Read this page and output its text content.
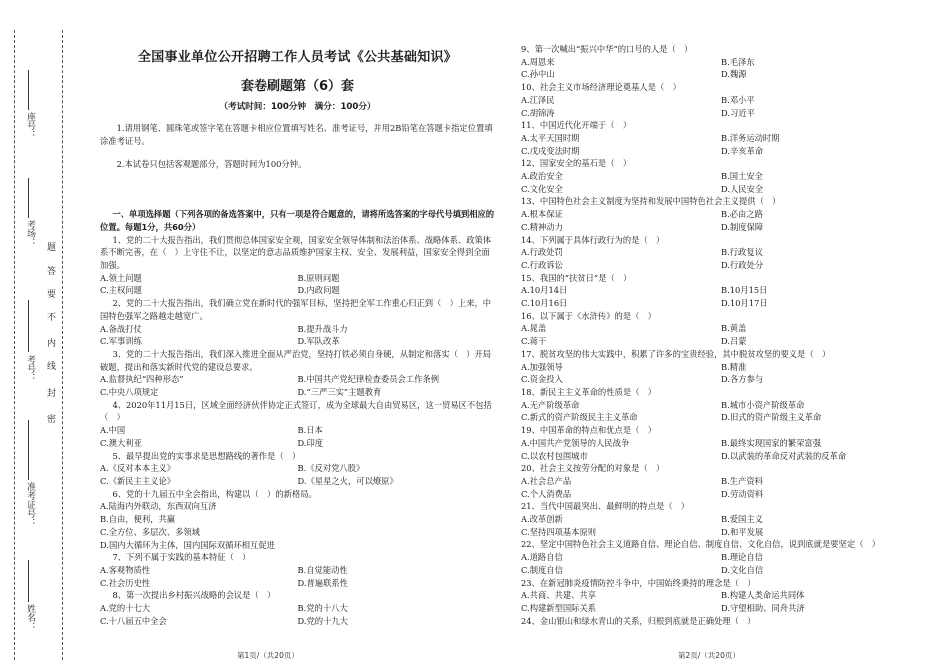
座号：
考场：
考号：
准考证号：
姓名：
密
封
线
内
不
要
答
题
全国事业单位公开招聘工作人员考试《公共基础知识》
套卷刷题第（6）套
（考试时间：100分钟　满分：100分）
1.请用钢笔、圆珠笔或签字笔在答题卡相应位置填写姓名、准考证号，并用2B铅笔在答题卡指定位置填涂准考证号。
2.本试卷只包括客观题部分，答题时间为100分钟。
一、单项选择题（下列各项的备选答案中，只有一项是符合题意的，请将所选答案的字母代号填到相应的位置。每题1分，共60分）
1、党的二十大报告指出，我们贯彻总体国家安全观，国家安全领导体制和法治体系、战略体系、政策体系不断完善，在（　）上守住不让，以坚定的意志品质维护国家主权、安全、发展利益，国家安全得到全面加强。
A.领土问题	B.原则问题
C.主权问题	D.内政问题
2、党的二十大报告指出，我们确立党在新时代的强军目标，坚持把全军工作重心归正到（　）上来，中国特色强军之路越走越宽广。
A.备战打仗	B.提升战斗力
C.军事训练	D.军队改革
3、党的二十大报告指出，我们深入推进全面从严治党，坚持打铁必须自身硬，从制定和落实（　）开局破题，提出和落实新时代党的建设总要求。
A.监督执纪“四种形态”	B.中国共产党纪律检查委员会工作条例
C.中央八项规定	D.“三严三实”主题教育
4、2020年11月15日，区域全面经济伙伴协定正式签订，成为全球最大自由贸易区，这一贸易区不包括（　）
A.中国	B.日本
C.澳大利亚	D.印度
5、最早提出党的实事求是思想路线的著作是（　）
A.《反对本本主义》	B.《反对党八股》
C.《新民主主义论》	D.《星星之火，可以燎原》
6、党的十九届五中全会指出，构建以（　）的新格局。
A.陆海内外联动，东西双向互济
B.自由，便利，共赢
C.全方位、多层次、多领域
D.国内大循环为主体，国内国际双循环相互促进
7、下列不属于实践的基本特征（　）
A.客观物质性	B.自觉能动性
C.社会历史性	D.普遍联系性
8、第一次提出乡村振兴战略的会议是（　）
A.党的十七大	B.党的十八大
C.十八届五中全会	D.党的十九大
9、第一次喊出“振兴中华”的口号的人是（　）
A.周恩来	B.毛泽东
C.孙中山	D.魏源
10、社会主义市场经济理论奠基人是（　）
A.江泽民	B.邓小平
C.胡锦涛	D.习近平
11、中国近代化开端于（　）
A.太平天国时期	B.洋务运动时期
C.戊戌变法时期	D.辛亥革命
12、国家安全的基石是（　）
A.政治安全	B.国土安全
C.文化安全	D.人民安全
13、中国特色社会主义制度为坚持和发展中国特色社会主义提供（　）
A.根本保证	B.必由之路
C.精神动力	D.制度保障
14、下列属于具体行政行为的是（　）
A.行政处罚	B.行政复议
C.行政诉讼	D.行政处分
15、我国的“扶贫日”是（　）
A.10月14日	B.10月15日
C.10月16日	D.10月17日
16、以下属于《水浒传》的是（　）
A.晁盖	B.黄盖
C.蒋干	D.吕蒙
17、脱贫攻坚的伟大实践中，积累了许多的宝贵经验，其中脱贫攻坚的要义是（　）
A.加强领导	B.精准
C.资金投入	D.各方参与
18、新民主主义革命的性质是（　）
A.无产阶级革命	B.城市小资产阶级革命
C.新式的资产阶级民主主义革命	D.旧式的资产阶级主义革命
19、中国革命的特点和优点是（　）
A.中国共产党领导的人民战争	B.最终实现国家的繁荣富强
C.以农村包围城市	D.以武装的革命反对武装的反革命
20、社会主义按劳分配的对象是（　）
A.社会总产品	B.生产资料
C.个人消费品	D.劳动资料
21、当代中国最突出、最鲜明的特点是（　）
A.改革创新	B.爱国主义
C.坚持四项基本原则	D.和平发展
22、坚定中国特色社会主义道路自信、理论自信、制度自信、文化自信，说到底就是要坚定（　）
A.道路自信	B.理论自信
C.制度自信	D.文化自信
23、在新冠肺炎疫情防控斗争中，中国始终秉持的理念是（　）
A.共商、共建、共享	B.构建人类命运共同体
C.构建新型国际关系	D.守望相助、同舟共济
24、金山银山和绿水青山的关系，归根到底就是正确处理（　）
第1页/（共20页）	第2页/（共20页）
